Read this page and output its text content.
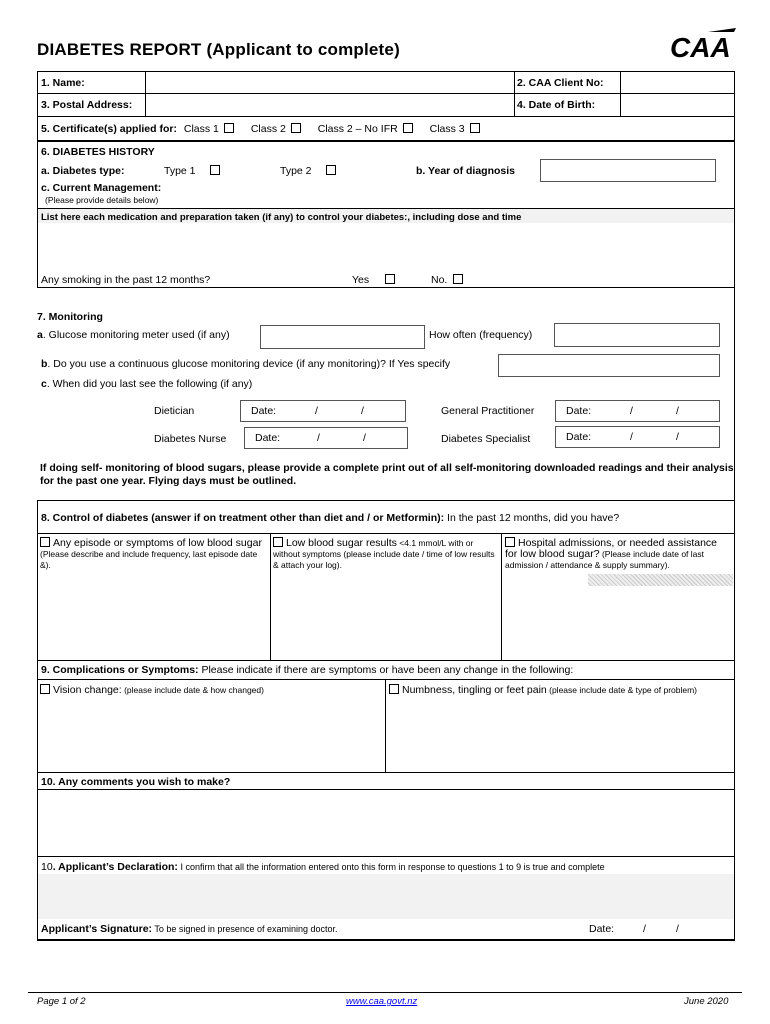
DIABETES REPORT (Applicant to complete)	CAA
1. Name:	2. CAA Client No:
3. Postal Address:	4. Date of Birth:
5. Certificate(s) applied for: Class 1	Class 2	Class 2 – No IFR	Class 3
6. DIABETES HISTORY
a. Diabetes type:	Type 1	Type 2	b. Year of diagnosis
c. Current Management:
(Please provide details below)
List here each medication and preparation taken (if any) to control your diabetes:, including dose and time
Any smoking in the past 12 months?	Yes	No.
7. Monitoring
a. Glucose monitoring meter used (if any)	How often (frequency)
b. Do you use a continuous glucose monitoring device (if any monitoring)? If Yes specify
c. When did you last see the following (if any)
Dietician	Date:	/	/	General Practitioner	Date:	/	/
Diabetes Nurse	Date:	/	/	Diabetes Specialist	Date:	/	/
If doing self- monitoring of blood sugars, please provide a complete print out of all self-monitoring downloaded readings and their analysis for the past one year. Flying days must be outlined.
8. Control of diabetes (answer if on treatment other than diet and / or Metformin): In the past 12 months, did you have?
Any episode or symptoms of low blood sugar (Please describe and include frequency, last episode date &).
Low blood sugar results <4.1 mmol/L with or without symptoms (please include date / time of low results & attach your log).
Hospital admissions, or needed assistance for low blood sugar? (Please include date of last admission / attendance & supply summary).
9. Complications or Symptoms: Please indicate if there are symptoms or have been any change in the following:
Vision change: (please include date & how changed)	Numbness, tingling or feet pain (please include date & type of problem)
10. Any comments you wish to make?
10. Applicant’s Declaration: I confirm that all the information entered onto this form in response to questions 1 to 9 is true and complete
Applicant’s Signature: To be signed in presence of examining doctor.	Date:	/	/
Page 1 of 2	www.caa.govt.nz	June 2020
